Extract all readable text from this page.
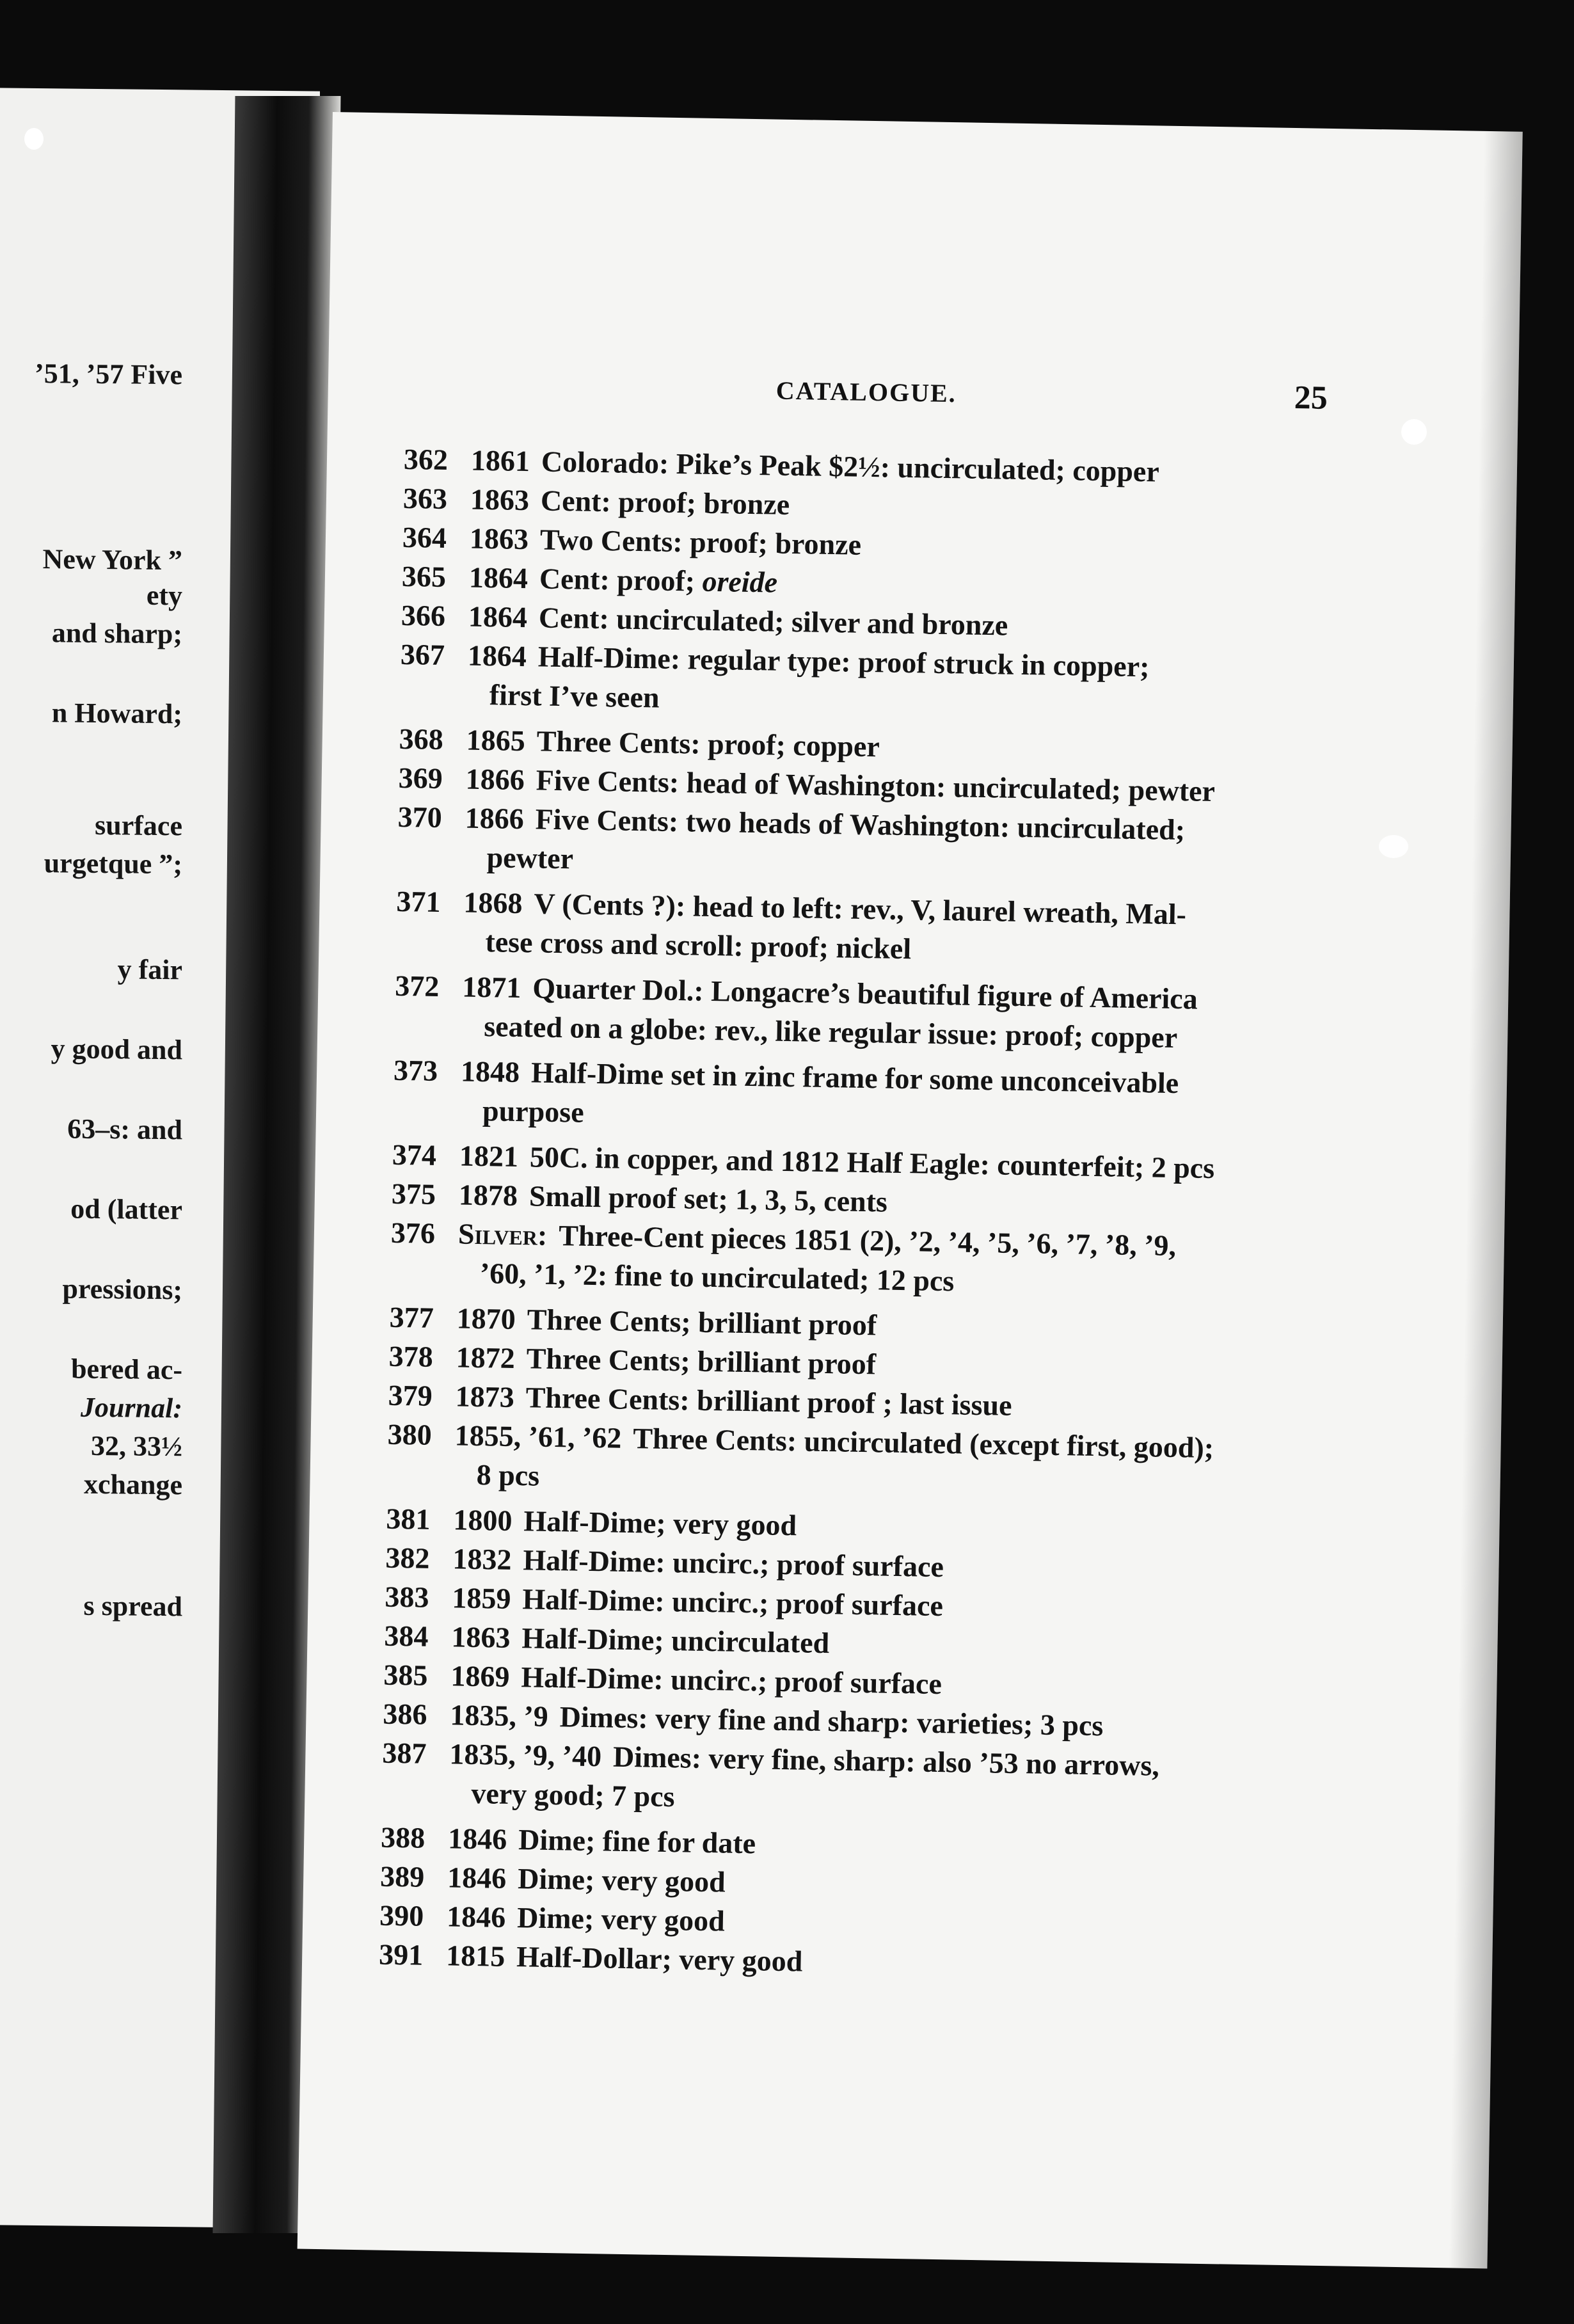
’51, ’57 Five
New York ”
ety
and sharp;
n Howard;
surface
urgetque ”;
y fair
y good and
63–s: and
od (latter
pressions;
bered ac-
Journal:
32, 33½
xchange
s spread
CATALOGUE.	25
362 1861 Colorado: Pike’s Peak $2½: uncirculated; copper
363 1863 Cent: proof; bronze
364 1863 Two Cents: proof; bronze
365 1864 Cent: proof; oreide
366 1864 Cent: uncirculated; silver and bronze
367 1864 Half-Dime: regular type: proof struck in copper;
first I’ve seen
368 1865 Three Cents: proof; copper
369 1866 Five Cents: head of Washington: uncirculated; pewter
370 1866 Five Cents: two heads of Washington: uncirculated;
pewter
371 1868 V (Cents ?): head to left: rev., V, laurel wreath, Mal-
tese cross and scroll: proof; nickel
372 1871 Quarter Dol.: Longacre’s beautiful figure of America
seated on a globe: rev., like regular issue: proof; copper
373 1848 Half-Dime set in zinc frame for some unconceivable
purpose
374 1821 50C. in copper, and 1812 Half Eagle: counterfeit; 2 pcs
375 1878 Small proof set; 1, 3, 5, cents
376 Silver: Three-Cent pieces 1851 (2), ’2, ’4, ’5, ’6, ’7, ’8, ’9,
’60, ’1, ’2: fine to uncirculated; 12 pcs
377 1870 Three Cents; brilliant proof
378 1872 Three Cents; brilliant proof
379 1873 Three Cents: brilliant proof ; last issue
380 1855, ’61, ’62 Three Cents: uncirculated (except first, good);
8 pcs
381 1800 Half-Dime; very good
382 1832 Half-Dime: uncirc.; proof surface
383 1859 Half-Dime: uncirc.; proof surface
384 1863 Half-Dime; uncirculated
385 1869 Half-Dime: uncirc.; proof surface
386 1835, ’9 Dimes: very fine and sharp: varieties; 3 pcs
387 1835, ’9, ’40 Dimes: very fine, sharp: also ’53 no arrows,
very good; 7 pcs
388 1846 Dime; fine for date
389 1846 Dime; very good
390 1846 Dime; very good
391 1815 Half-Dollar; very good
